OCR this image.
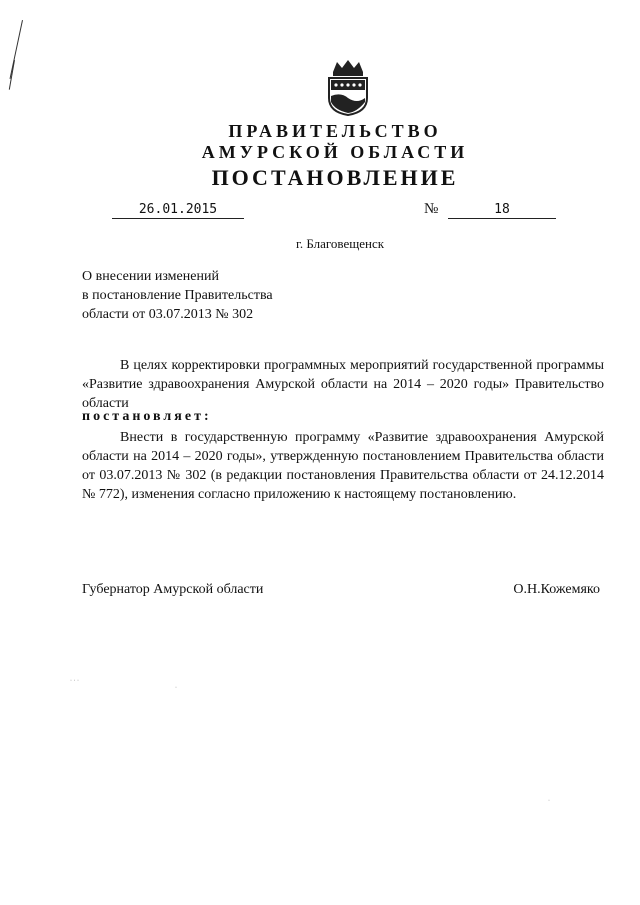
ПРАВИТЕЛЬСТВО
АМУРСКОЙ ОБЛАСТИ
ПОСТАНОВЛЕНИЕ
26.01.2015	№	18
г. Благовещенск
О внесении изменений
в постановление Правительства
области от 03.07.2013 № 302
В целях корректировки программных мероприятий государственной программы «Развитие здравоохранения Амурской области на 2014 – 2020 годы» Правительство области
постановляет:
Внести в государственную программу «Развитие здравоохранения Амурской области на 2014 – 2020 годы», утвержденную постановлением Правительства области от 03.07.2013 № 302 (в редакции постановления Правительства области от 24.12.2014 № 772), изменения согласно приложению к настоящему постановлению.
Губернатор Амурской области	О.Н.Кожемяко
· · ·
·
·
